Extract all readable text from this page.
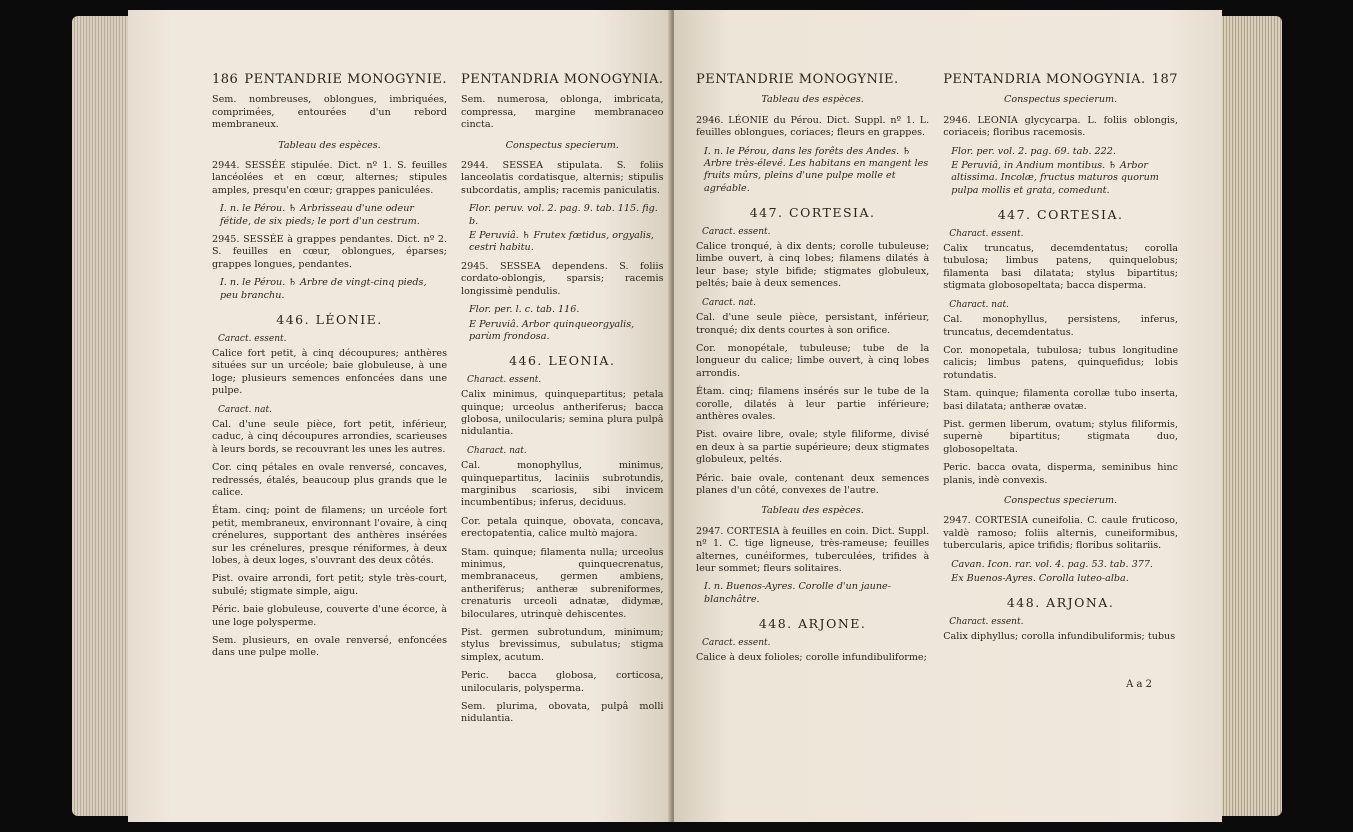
186 PENTANDRIE MONOGYNIE.
Sem. nombreuses, oblongues, imbriquées, comprimées, entourées d'un rebord membraneux.
Tableau des espèces.
2944. SESSÉE stipulée. Dict. nº 1. S. feuilles lancéolées et en cœur, alternes; stipules amples, presqu'en cœur; grappes paniculées.
I. n. le Pérou. ♄ Arbrisseau d'une odeur fétide, de six pieds; le port d'un cestrum.
2945. SESSÉE à grappes pendantes. Dict. nº 2. S. feuilles en cœur, oblongues, éparses; grappes longues, pendantes.
I. n. le Pérou. ♄ Arbre de vingt-cinq pieds, peu branchu.
446. LÉONIE.
Caract. essent.
Calice fort petit, à cinq découpures; anthères situées sur un urcéole; baie globuleuse, à une loge; plusieurs semences enfoncées dans une pulpe.
Caract. nat.
Cal. d'une seule pièce, fort petit, inférieur, caduc, à cinq découpures arrondies, scarieuses à leurs bords, se recouvrant les unes les autres.
Cor. cinq pétales en ovale renversé, concaves, redressés, étalés, beaucoup plus grands que le calice.
Étam. cinq; point de filamens; un urcéole fort petit, membraneux, environnant l'ovaire, à cinq crénelures, supportant des anthères insérées sur les crénelures, presque réniformes, à deux lobes, à deux loges, s'ouvrant des deux côtés.
Pist. ovaire arrondi, fort petit; style très-court, subulé; stigmate simple, aigu.
Péric. baie globuleuse, couverte d'une écorce, à une loge polysperme.
Sem. plusieurs, en ovale renversé, enfoncées dans une pulpe molle.
PENTANDRIA MONOGYNIA.
Sem. numerosa, oblonga, imbricata, compressa, margine membranaceo cincta.
Conspectus specierum.
2944. SESSEA stipulata. S. foliis lanceolatis cordatisque, alternis; stipulis subcordatis, amplis; racemis paniculatis.
Flor. peruv. vol. 2. pag. 9. tab. 115. fig. b.
E Peruviâ. ♄ Frutex fœtidus, orgyalis, cestri habitu.
2945. SESSEA dependens. S. foliis cordato-oblongis, sparsis; racemis longissimè pendulis.
Flor. per. l. c. tab. 116.
E Peruviâ. Arbor quinqueorgyalis, parùm frondosa.
446. LEONIA.
Charact. essent.
Calix minimus, quinquepartitus; petala quinque; urceolus antheriferus; bacca globosa, unilocularis; semina plura pulpâ nidulantia.
Charact. nat.
Cal. monophyllus, minimus, quinquepartitus, laciniis subrotundis, marginibus scariosis, sibi invicem incumbentibus; inferus, deciduus.
Cor. petala quinque, obovata, concava, erectopatentia, calice multò majora.
Stam. quinque; filamenta nulla; urceolus minimus, quinquecrenatus, membranaceus, germen ambiens, antheriferus; antheræ subreniformes, crenaturis urceoli adnatæ, didymæ, biloculares, utrinquè dehiscentes.
Pist. germen subrotundum, minimum; stylus brevissimus, subulatus; stigma simplex, acutum.
Peric. bacca globosa, corticosa, unilocularis, polysperma.
Sem. plurima, obovata, pulpâ molli nidulantia.
PENTANDRIE MONOGYNIE.
Tableau des espèces.
2946. LÉONIE du Pérou. Dict. Suppl. nº 1. L. feuilles oblongues, coriaces; fleurs en grappes.
I. n. le Pérou, dans les forêts des Andes. ♄ Arbre très-élevé. Les habitans en mangent les fruits mûrs, pleins d'une pulpe molle et agréable.
447. CORTESIA.
Caract. essent.
Calice tronqué, à dix dents; corolle tubuleuse; limbe ouvert, à cinq lobes; filamens dilatés à leur base; style bifide; stigmates globuleux, peltés; baie à deux semences.
Caract. nat.
Cal. d'une seule pièce, persistant, inférieur, tronqué; dix dents courtes à son orifice.
Cor. monopétale, tubuleuse; tube de la longueur du calice; limbe ouvert, à cinq lobes arrondis.
Étam. cinq; filamens insérés sur le tube de la corolle, dilatés à leur partie inférieure; anthères ovales.
Pist. ovaire libre, ovale; style filiforme, divisé en deux à sa partie supérieure; deux stigmates globuleux, peltés.
Péric. baie ovale, contenant deux semences planes d'un côté, convexes de l'autre.
Tableau des espèces.
2947. CORTESIA à feuilles en coin. Dict. Suppl. nº 1. C. tige ligneuse, très-rameuse; feuilles alternes, cunéiformes, tuberculées, trifides à leur sommet; fleurs solitaires.
I. n. Buenos-Ayres. Corolle d'un jaune-blanchâtre.
448. ARJONE.
Caract. essent.
Calice à deux folioles; corolle infundibuliforme;
PENTANDRIA MONOGYNIA. 187
Conspectus specierum.
2946. LEONIA glycycarpa. L. foliis oblongis, coriaceis; floribus racemosis.
Flor. per. vol. 2. pag. 69. tab. 222.
E Peruviâ, in Andium montibus. ♄ Arbor altissima. Incolæ, fructus maturos quorum pulpa mollis et grata, comedunt.
447. CORTESIA.
Charact. essent.
Calix truncatus, decemdentatus; corolla tubulosa; limbus patens, quinquelobus; filamenta basi dilatata; stylus bipartitus; stigmata globosopeltata; bacca disperma.
Charact. nat.
Cal. monophyllus, persistens, inferus, truncatus, decemdentatus.
Cor. monopetala, tubulosa; tubus longitudine calicis; limbus patens, quinquefidus; lobis rotundatis.
Stam. quinque; filamenta corollæ tubo inserta, basi dilatata; antheræ ovatæ.
Pist. germen liberum, ovatum; stylus filiformis, supernè bipartitus; stigmata duo, globosopeltata.
Peric. bacca ovata, disperma, seminibus hinc planis, indè convexis.
Conspectus specierum.
2947. CORTESIA cuneifolia. C. caule fruticoso, valdè ramoso; foliis alternis, cuneiformibus, tubercularis, apice trifidis; floribus solitariis.
Cavan. Icon. rar. vol. 4. pag. 53. tab. 377.
Ex Buenos-Ayres. Corolla luteo-alba.
448. ARJONA.
Charact. essent.
Calix diphyllus; corolla infundibuliformis; tubus
A a 2
